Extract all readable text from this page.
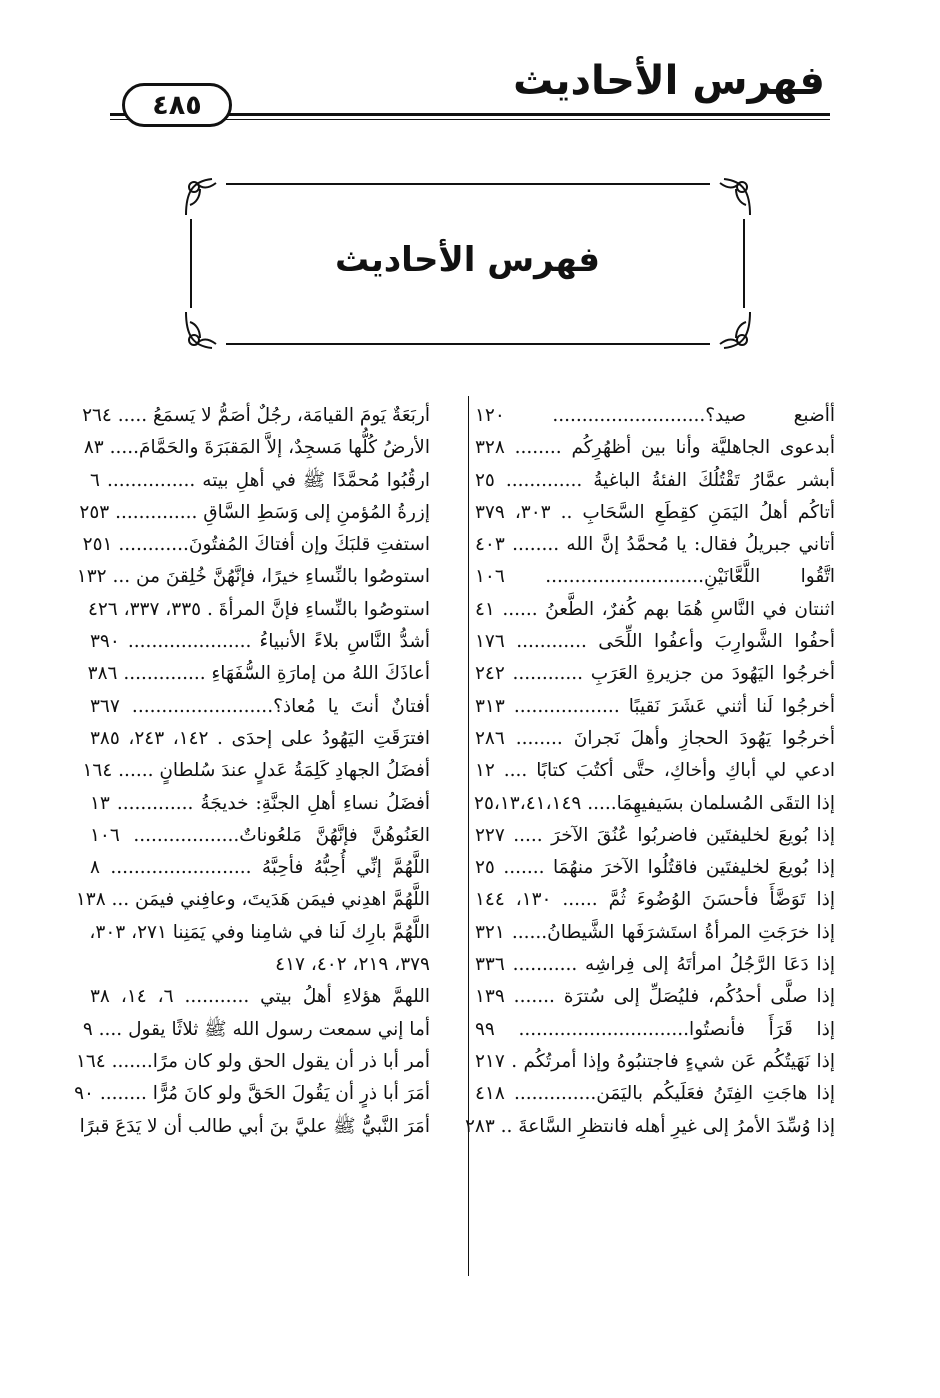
فهرس الأحاديث
٤٨٥
فهرس الأحاديث
أأضبع صيد؟.......................... ١٢٠
أبدعوى الجاهليَّة وأنا بين أظهُرِكُم ........ ٣٢٨
أبشر عمَّارُ تَقْتُلُكَ الفئةُ الباغيةُ ............. ٢٥
أتاكُم أهلُ اليَمَنِ كقِطَعِ السَّحَابِ .. ٣٠٣، ٣٧٩
أتاني جبريلُ فقال: يا مُحمَّدُ إنَّ الله ........ ٤٠٣
اتَّقُوا اللَّعَّانَيْنِ........................... ١٠٦
اثنتان في النَّاسِ هُمَا بهم كُفرٌ، الطَّعنُ ...... ٤١
أحفُوا الشَّوارِبَ وأعفُوا اللِّحَى ............ ١٧٦
أخرجُوا اليَهُودَ من جزيرةِ العَرَبِ ............ ٢٤٢
أخرجُوا لَنا أثني عَشَرَ نَقيبًا .................. ٣١٣
أخرجُوا يَهُودَ الحجازِ وأهلَ نَجرانَ ........ ٢٨٦
ادعي لي أباكِ وأخاكِ، حتَّى أكتُبَ كتابًا .... ١٢
إذا التقَى المُسلمان بسَيفيهِمَا..... ٢٥،١٣،٤١،١٤٩
إذا بُويعَ لخليفتَين فاضربُوا عُنُقَ الآخرَ ..... ٢٢٧
إذا بُويعَ لخليفتَين فاقتُلُوا الآخرَ منهُمَا ....... ٢٥
إذا تَوَضَّأَ فأحسَنَ الوُضُوءَ ثُمَّ ...... ١٣٠، ١٤٤
إذا خرَجَتِ المرأةُ استَشرَفَها الشَّيطانُ...... ٣٢١
إذا دَعَا الرَّجُلُ امرأتَهُ إلى فِراشِه ........... ٣٣٦
إذا صلَّى أحدُكُم، فليُصَلِّ إلى سُترَة ....... ١٣٩
إذا قَرَأَ فأنصتُوا............................. ٩٩
إذا نَهَيتُكُم عَن شيءٍ فاجتنبُوهُ وإذا أمرتُكُم . ٢١٧
إذا هاجَتِ الفِتَنُ فعَلَيكُم باليَمَن.............. ٤١٨
إذا وُسِّدَ الأمرُ إلى غيرِ أهله فانتظرِ السَّاعةَ .. ٢٨٣
أربَعَةٌ يَومَ القيامَة، رجُلٌ أصَمُّ لا يَسمَعُ ..... ٢٦٤
الأرضُ كُلُّها مَسجِدٌ، إلاَّ المَقبَرَةَ والحَمَّامَ..... ٨٣
ارقُبُوا مُحمَّدًا ﷺ في أهلِ بيته ............... ٦
إزرةُ المُؤمنِ إلى وَسَطِ السَّاقِ .............. ٢٥٣
استفتِ قلبَكَ وإن أفتاكَ المُفتُونَ............ ٢٥١
استوصُوا بالنِّساءِ خيرًا، فإنَّهُنَّ خُلِقنَ من ... ١٣٢
استوصُوا بالنِّساءِ فإنَّ المرأةَ . ٣٣٥، ٣٣٧، ٤٢٦
أشدُّ النَّاسِ بلاءً الأنبياءُ ..................... ٣٩٠
أعاذَكَ اللهُ من إمارَةِ السُّفَهَاءِ .............. ٣٨٦
أفتانٌ أنتَ يا مُعاذ؟........................ ٣٦٧
افترَقَتِ اليَهُودُ على إحدَى . ١٤٢، ٢٤٣، ٣٨٥
أفضَلُ الجهادِ كَلِمَةُ عَدلٍ عندَ سُلطانٍ ...... ١٦٤
أفضَلُ نساءِ أهلِ الجنَّةِ: خديجَةُ ............. ١٣
العَنُوهُنَّ فإنَّهُنَّ مَلعُوناتٌ.................. ١٠٦
اللَّهُمَّ إنِّي أُحِبُّهُ فأحِبَّهُ ........................ ٨
اللَّهُمَّ اهدِني فيمَن هَدَيتَ، وعافِني فيمَن ... ١٣٨
اللَّهُمَّ بارِك لَنا في شامِنا وفي يَمَنِنا ٢٧١، ٣٠٣،
٣٧٩، ٢١٩، ٤٠٢، ٤١٧
اللهمَّ هؤلاءِ أهلُ بيتي ........... ٦، ١٤، ٣٨
أما إني سمعت رسول الله ﷺ ثلاثًا يقول .... ٩
أمر أبا ذر أن يقول الحق ولو كان مرًا....... ١٦٤
أمَرَ أبا ذرٍ أن يَقُولَ الحَقَّ ولو كانَ مُرًّا ........ ٩٠
أمَرَ النَّبيُّ ﷺ عليَّ بنَ أبي طالب أن لا يَدَعَ قبرًا
